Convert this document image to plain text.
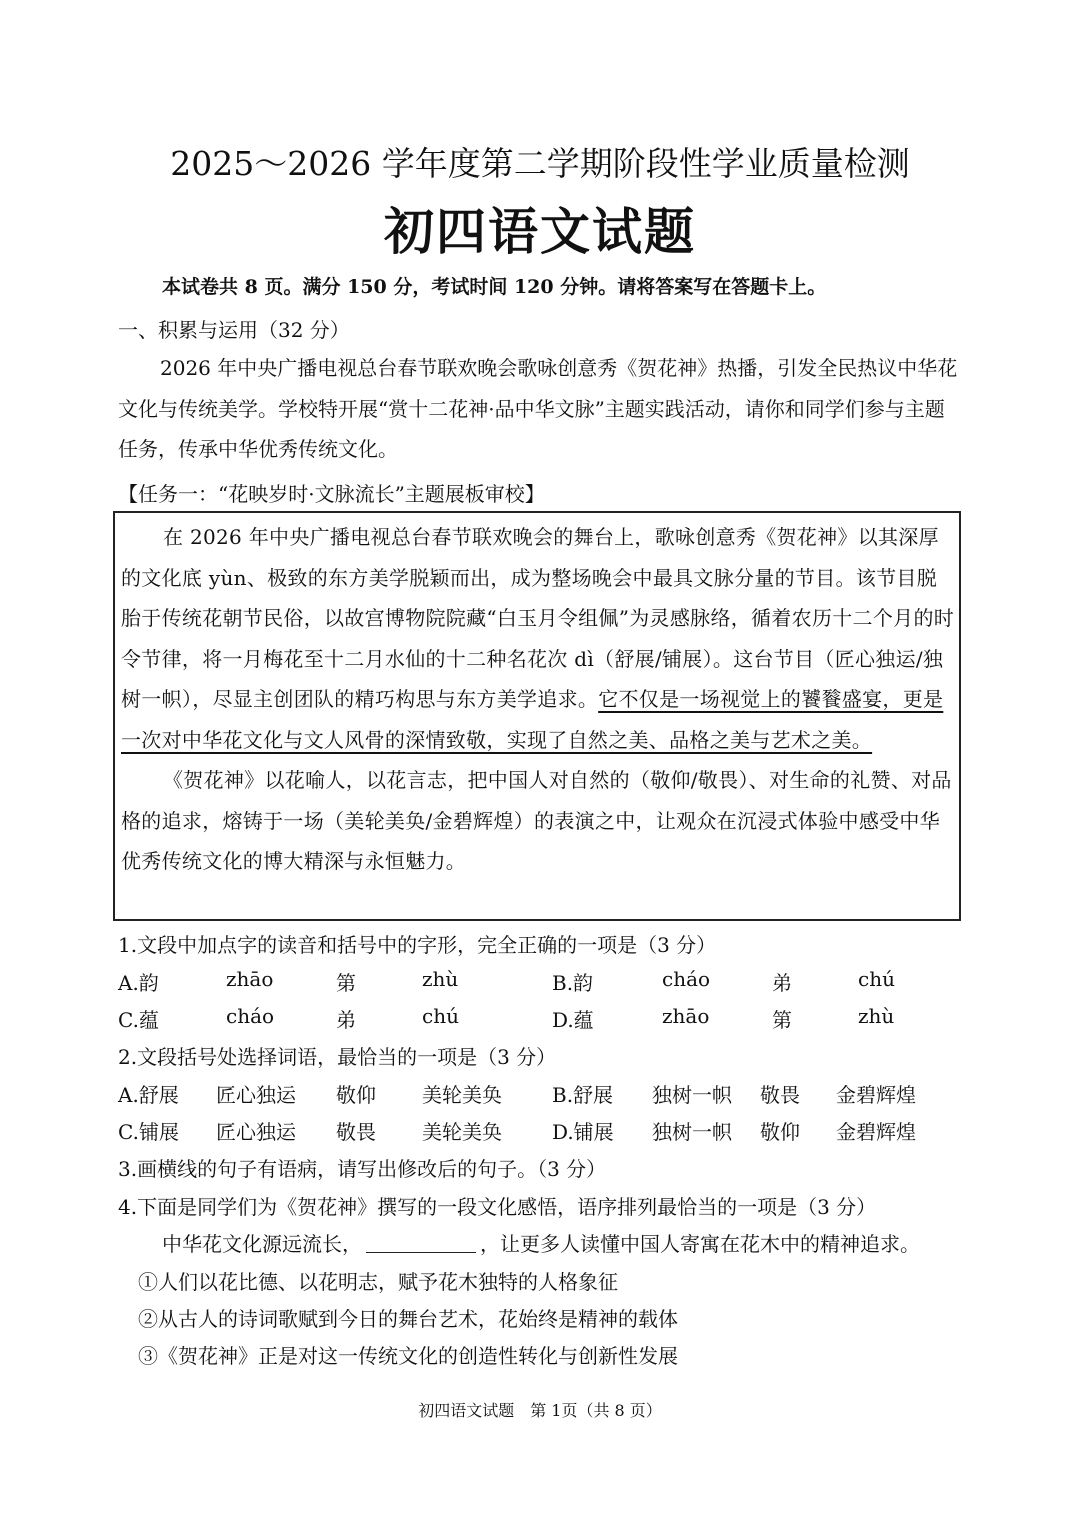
2025～2026 学年度第二学期阶段性学业质量检测
初四语文试题
本试卷共 8 页。满分 150 分，考试时间 120 分钟。请将答案写在答题卡上。
一、积累与运用（32 分）

2026 年中央广播电视总台春节联欢晚会歌咏创意秀《贺花神》热播，引发全民热议中华花文化与传统美学。学校特开展“赏十二花神·品中华文脉”主题实践活动，请你和同学们参与主题任务，传承中华优秀传统文化。

【任务一：“花映岁时·文脉流长”主题展板审校】

在 2026 年中央广播电视总台春节联欢晚会的舞台上，歌咏创意秀《贺花神》以其深厚的文化底 yùn、极致的东方美学脱颖而出，成为整场晚会中最具文脉分量的节目。该节目脱胎于传统花朝节民俗，以故宫博物院院藏“白玉月令组佩”为灵感脉络，循着农历十二个月的时令节律，将一月梅花至十二月水仙的十二种名花次 dì（舒展/铺展）。这台节目（匠心独运/独树一帜），尽显主创团队的精巧构思与东方美学追求。它不仅是一场视觉上的饕餮盛宴，更是一次对中华花文化与文人风骨的深情致敬，实现了自然之美、品格之美与艺术之美。

《贺花神》以花喻人，以花言志，把中国人对自然的（敬仰/敬畏）、对生命的礼赞、对品格的追求，熔铸于一场（美轮美奂/金碧辉煌）的表演之中，让观众在沉浸式体验中感受中华优秀传统文化的博大精深与永恒魅力。

1.文段中加点字的读音和括号中的字形，完全正确的一项是（3 分）
A.韵	zhāo	第	zhù	B.韵	cháo	弟	chú
C.蕴	cháo	弟	chú	D.蕴	zhāo	第	zhù
2.文段括号处选择词语，最恰当的一项是（3 分）
A.舒展 匠心独运 敬仰 美轮美奂	B.舒展 独树一帜 敬畏 金碧辉煌
C.铺展 匠心独运 敬畏 美轮美奂	D.铺展 独树一帜 敬仰 金碧辉煌
3.画横线的句子有语病，请写出修改后的句子。（3 分）
4.下面是同学们为《贺花神》撰写的一段文化感悟，语序排列最恰当的一项是（3 分）
中华花文化源远流长，	，让更多人读懂中国人寄寓在花木中的精神追求。
①人们以花比德、以花明志，赋予花木独特的人格象征
②从古人的诗词歌赋到今日的舞台艺术，花始终是精神的载体
③《贺花神》正是对这一传统文化的创造性转化与创新性发展
初四语文试题　第 1页（共 8 页）
